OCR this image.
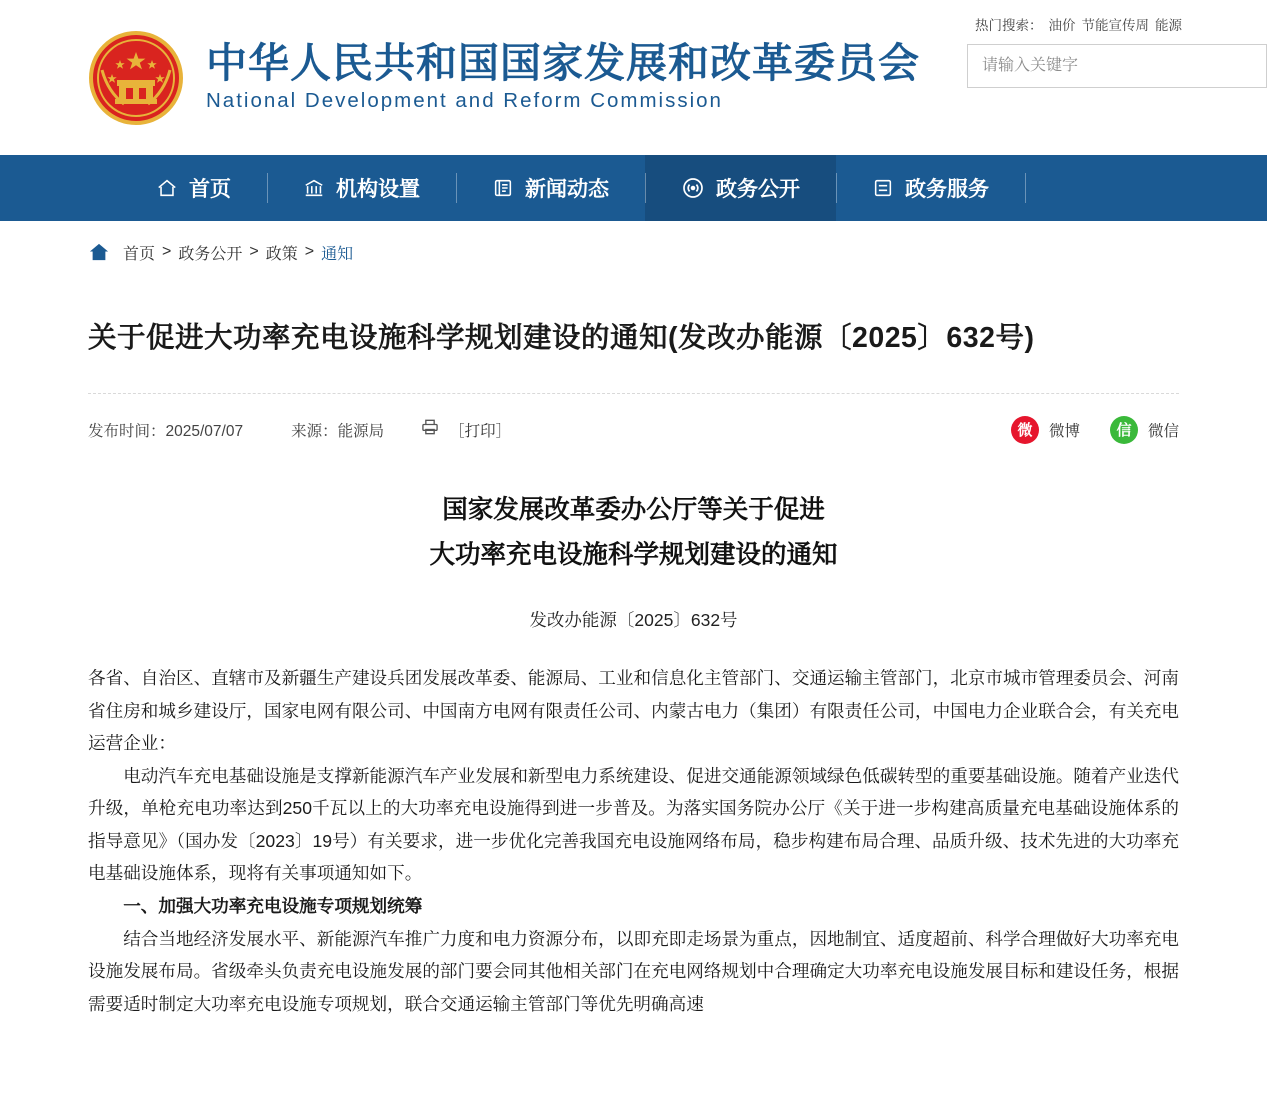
中华人民共和国国家发展和改革委员会
National Development and Reform Commission
热门搜索： 油价 节能宣传周 能源
请输入关键字
首页	机构设置	新闻动态	政务公开	政务服务
首页 > 政务公开 > 政策 > 通知
关于促进大功率充电设施科学规划建设的通知(发改办能源〔2025〕632号)
发布时间：2025/07/07	来源：能源局	［打印］	微	微博	信	微信
国家发展改革委办公厅等关于促进
大功率充电设施科学规划建设的通知
发改办能源〔2025〕632号

各省、自治区、直辖市及新疆生产建设兵团发展改革委、能源局、工业和信息化主管部门、交通运输主管部门，北京市城市管理委员会、河南省住房和城乡建设厅，国家电网有限公司、中国南方电网有限责任公司、内蒙古电力（集团）有限责任公司，中国电力企业联合会，有关充电运营企业：

电动汽车充电基础设施是支撑新能源汽车产业发展和新型电力系统建设、促进交通能源领域绿色低碳转型的重要基础设施。随着产业迭代升级，单枪充电功率达到250千瓦以上的大功率充电设施得到进一步普及。为落实国务院办公厅《关于进一步构建高质量充电基础设施体系的指导意见》（国办发〔2023〕19号）有关要求，进一步优化完善我国充电设施网络布局，稳步构建布局合理、品质升级、技术先进的大功率充电基础设施体系，现将有关事项通知如下。

一、加强大功率充电设施专项规划统筹

结合当地经济发展水平、新能源汽车推广力度和电力资源分布，以即充即走场景为重点，因地制宜、适度超前、科学合理做好大功率充电设施发展布局。省级牵头负责充电设施发展的部门要会同其他相关部门在充电网络规划中合理确定大功率充电设施发展目标和建设任务，根据需要适时制定大功率充电设施专项规划，联合交通运输主管部门等优先明确高速
